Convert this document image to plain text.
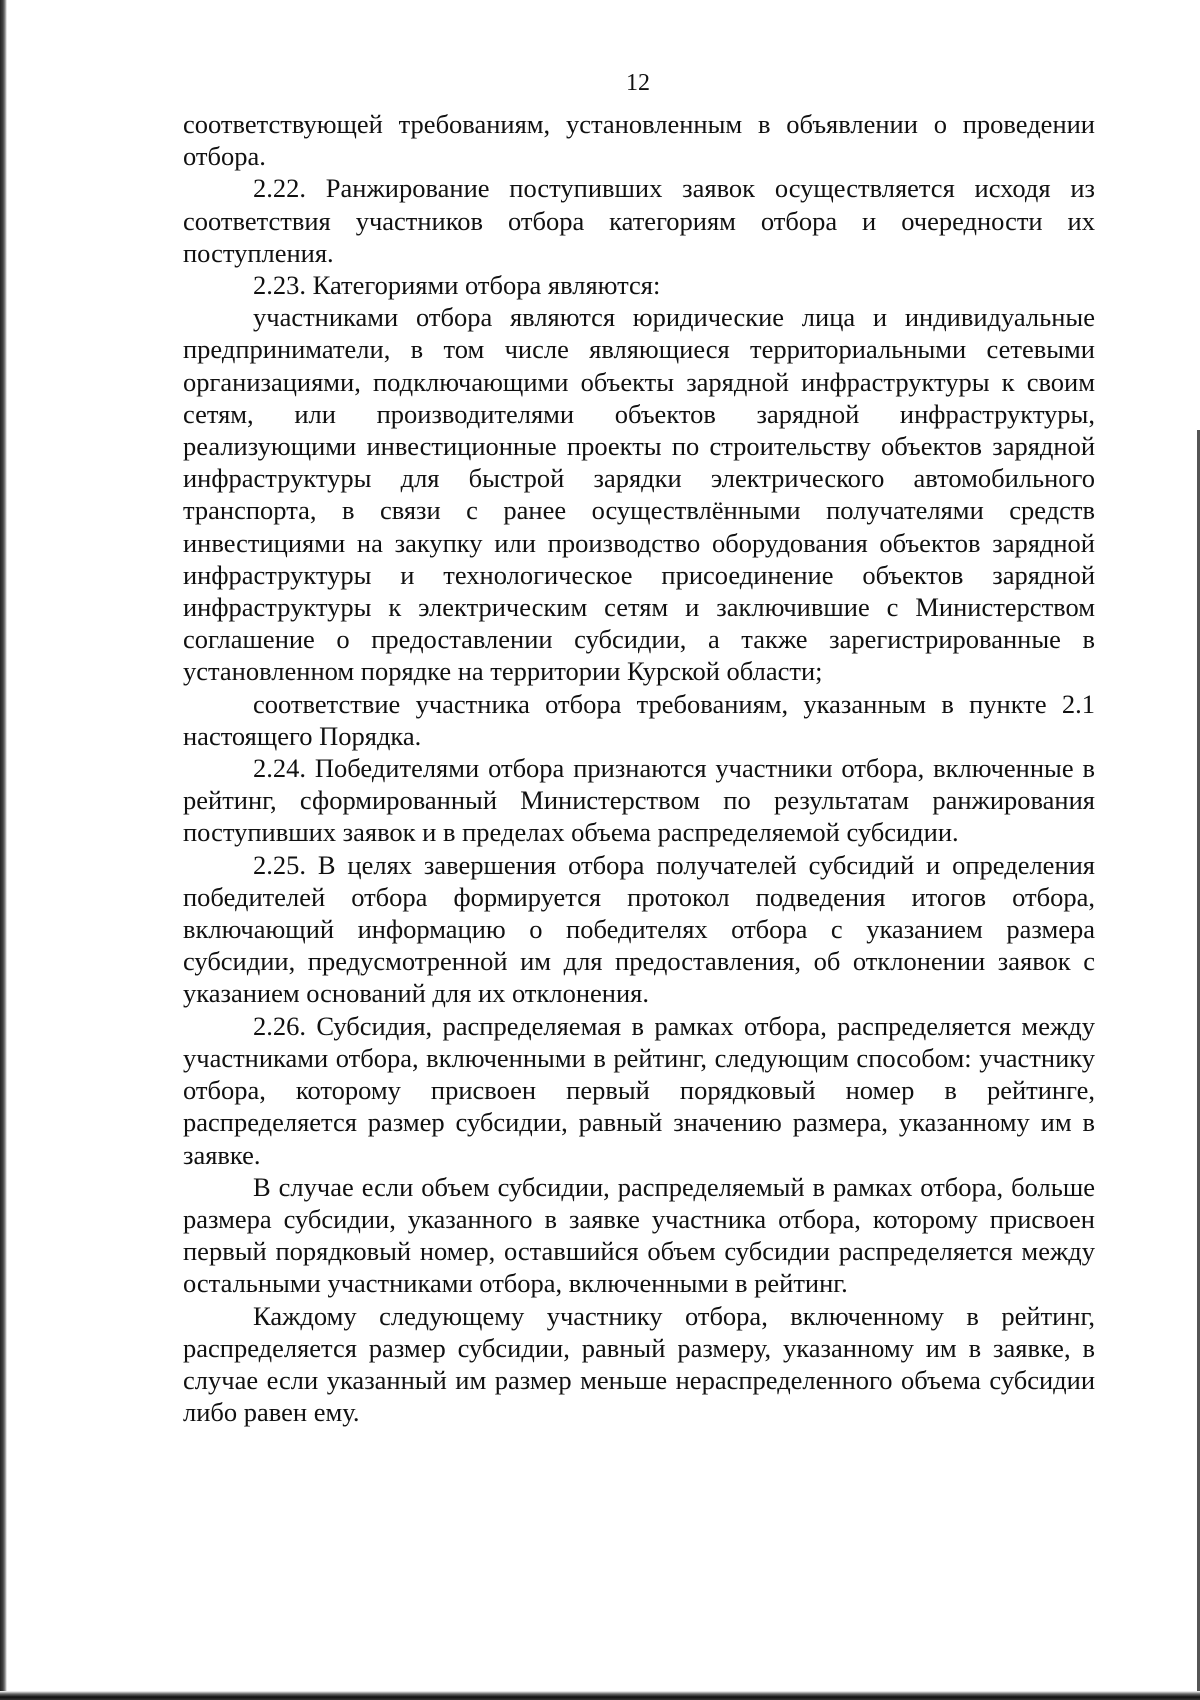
12

соответствующей требованиям, установленным в объявлении о проведении отбора.

2.22. Ранжирование поступивших заявок осуществляется исходя из соответствия участников отбора категориям отбора и очередности их поступления.

2.23. Категориями отбора являются:

участниками отбора являются юридические лица и индивидуальные предприниматели, в том числе являющиеся территориальными сетевыми организациями, подключающими объекты зарядной инфраструктуры к своим сетям, или производителями объектов зарядной инфраструктуры, реализующими инвестиционные проекты по строительству объектов зарядной инфраструктуры для быстрой зарядки электрического автомобильного транспорта, в связи с ранее осуществлёнными получателями средств инвестициями на закупку или производство оборудования объектов зарядной инфраструктуры и технологическое присоединение объектов зарядной инфраструктуры к электрическим сетям и заключившие с Министерством соглашение о предоставлении субсидии, а также зарегистрированные в установленном порядке на территории Курской области;

соответствие участника отбора требованиям, указанным в пункте 2.1 настоящего Порядка.

2.24. Победителями отбора признаются участники отбора, включенные в рейтинг, сформированный Министерством по результатам ранжирования поступивших заявок и в пределах объема распределяемой субсидии.

2.25. В целях завершения отбора получателей субсидий и определения победителей отбора формируется протокол подведения итогов отбора, включающий информацию о победителях отбора с указанием размера субсидии, предусмотренной им для предоставления, об отклонении заявок с указанием оснований для их отклонения.

2.26. Субсидия, распределяемая в рамках отбора, распределяется между участниками отбора, включенными в рейтинг, следующим способом: участнику отбора, которому присвоен первый порядковый номер в рейтинге, распределяется размер субсидии, равный значению размера, указанному им в заявке.

В случае если объем субсидии, распределяемый в рамках отбора, больше размера субсидии, указанного в заявке участника отбора, которому присвоен первый порядковый номер, оставшийся объем субсидии распределяется между остальными участниками отбора, включенными в рейтинг.

Каждому следующему участнику отбора, включенному в рейтинг, распределяется размер субсидии, равный размеру, указанному им в заявке, в случае если указанный им размер меньше нераспределенного объема субсидии либо равен ему.
